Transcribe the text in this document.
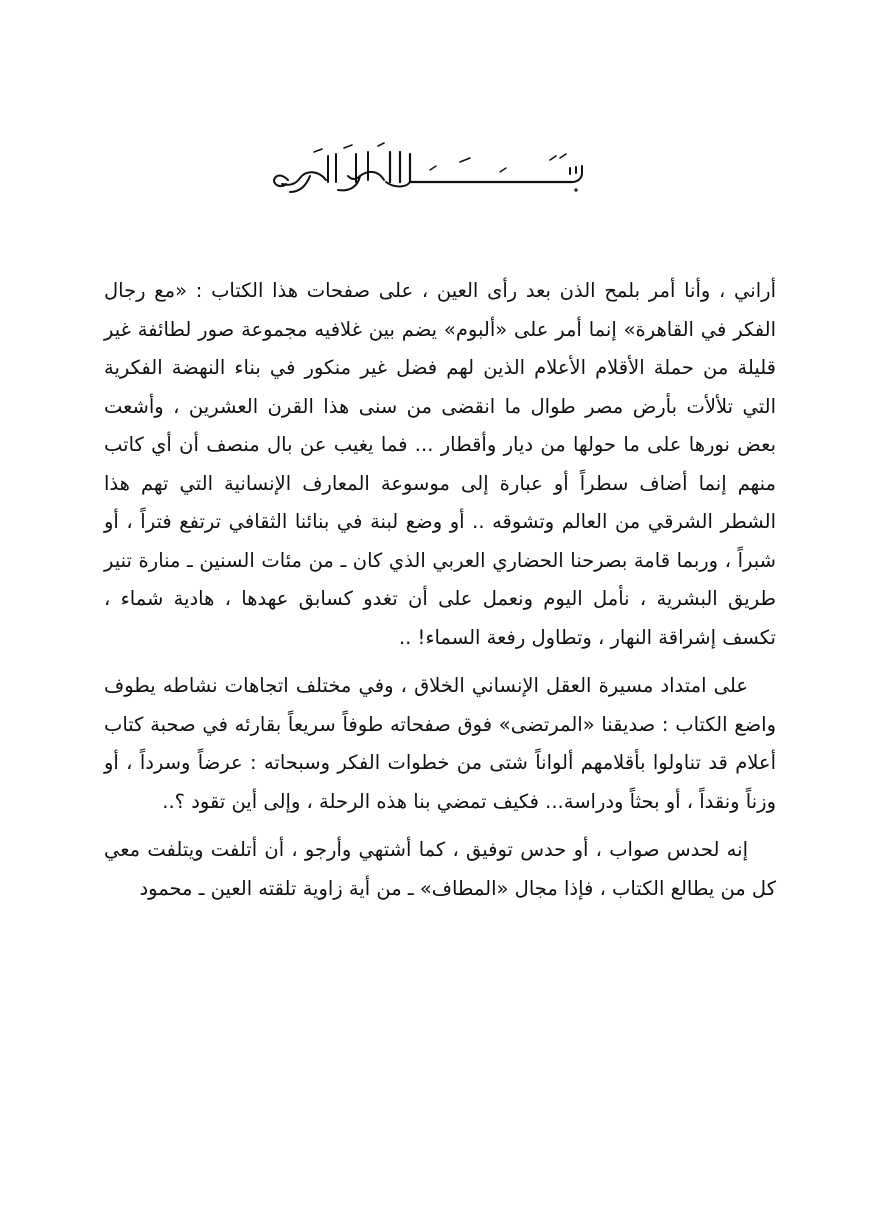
أراني ، وأنا أمر بلمح الذن بعد رأى العين ، على صفحات هذا الكتاب : «مع رجال الفكر في القاهرة» إنما أمر على «ألبوم» يضم بين غلافيه مجموعة صور لطائفة غير قليلة من حملة الأقلام الأعلام الذين لهم فضل غير منكور في بناء النهضة الفكرية التي تلألأت بأرض مصر طوال ما انقضى من سنى هذا القرن العشرين ، وأشعت بعض نورها على ما حولها من ديار وأقطار ... فما يغيب عن بال منصف أن أي كاتب منهم إنما أضاف سطراً أو عبارة إلى موسوعة المعارف الإنسانية التي تهم هذا الشطر الشرقي من العالم وتشوقه .. أو وضع لبنة في بنائنا الثقافي ترتفع فتراً ، أو شبراً ، وربما قامة بصرحنا الحضاري العربي الذي كان ـ من مئات السنين ـ منارة تنير طريق البشرية ، نأمل اليوم ونعمل على أن تغدو كسابق عهدها ، هادية شماء ، تكسف إشراقة النهار ، وتطاول رفعة السماء! ..

على امتداد مسيرة العقل الإنساني الخلاق ، وفي مختلف اتجاهات نشاطه يطوف واضع الكتاب : صديقنا «المرتضى» فوق صفحاته طوفاً سريعاً بقارئه في صحبة كتاب أعلام قد تناولوا بأقلامهم ألواناً شتى من خطوات الفكر وسبحاته : عرضاً وسرداً ، أو وزناً ونقداً ، أو بحثاً ودراسة... فكيف تمضي بنا هذه الرحلة ، وإلى أين تقود ؟..

إنه لحدس صواب ، أو حدس توفيق ، كما أشتهي وأرجو ، أن أتلفت ويتلفت معي كل من يطالع الكتاب ، فإذا مجال «المطاف» ـ من أية زاوية تلقته العين ـ محمود
